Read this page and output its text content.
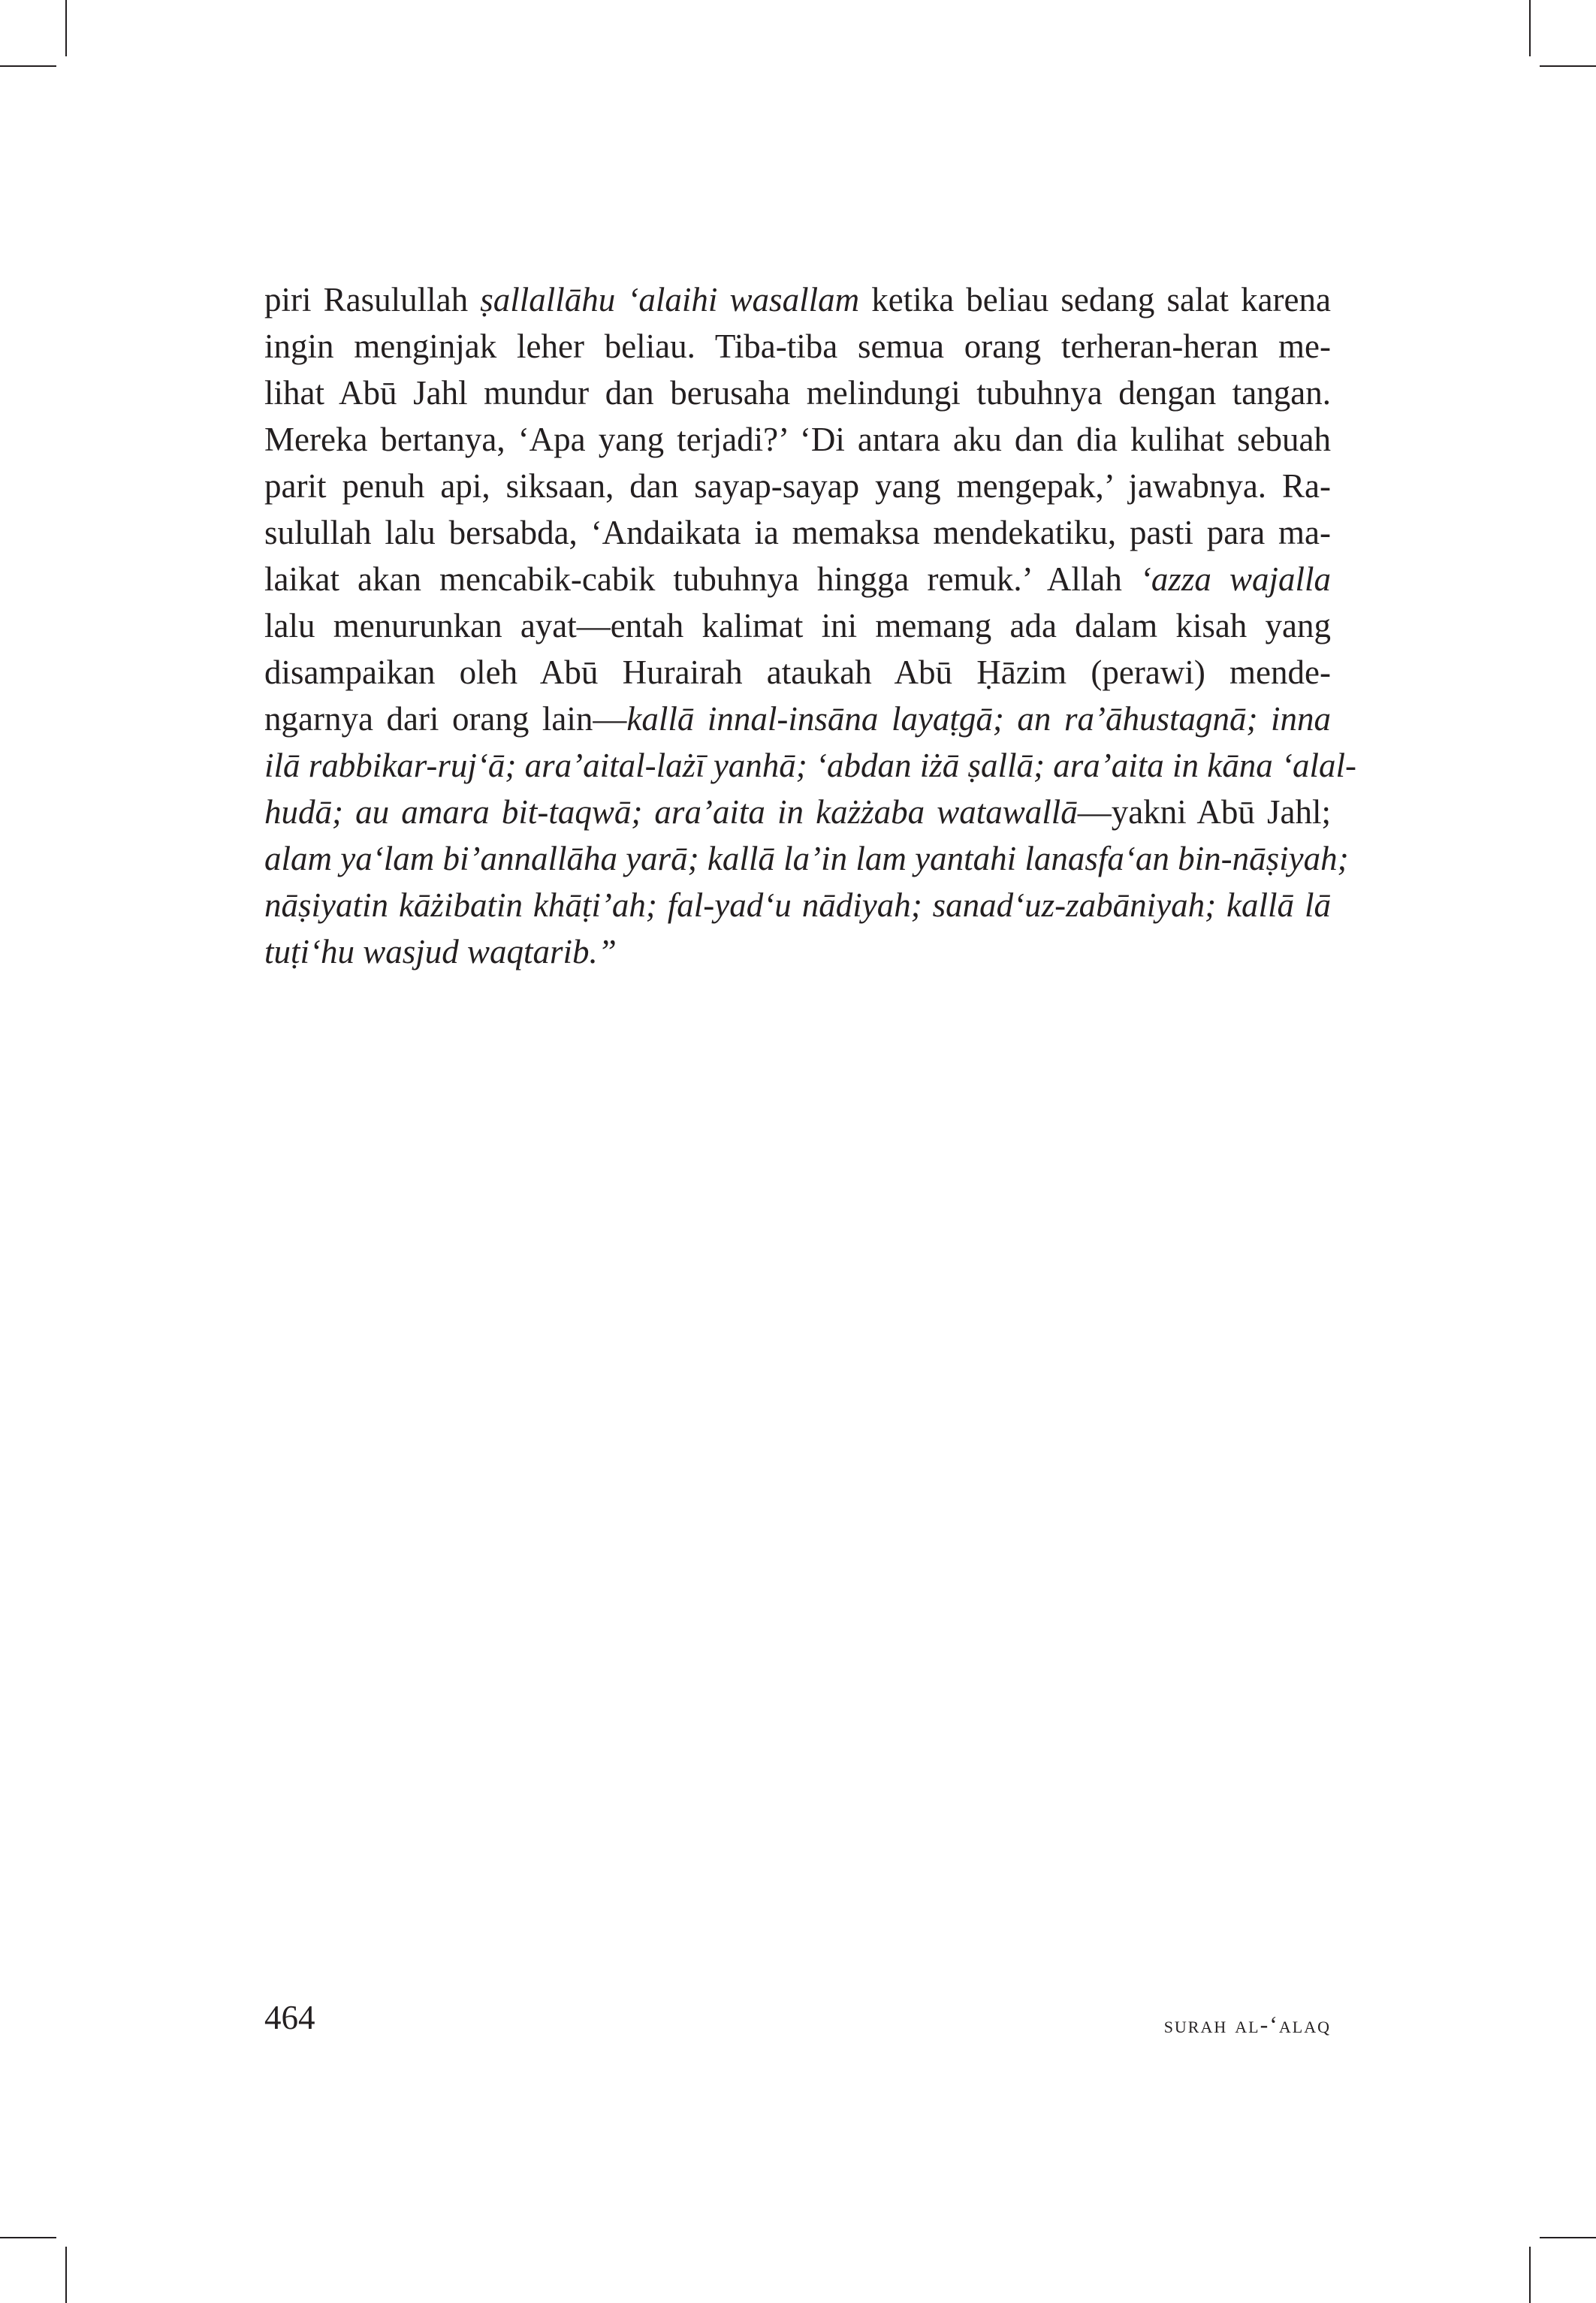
piri Rasulullah ṣallallāhu ‘alaihi wasallam ketika beliau sedang salat karena
ingin menginjak leher beliau. Tiba-tiba semua orang terheran-heran me-
lihat Abū Jahl mundur dan berusaha melindungi tubuhnya dengan tangan.
Mereka bertanya, ‘Apa yang terjadi?’ ‘Di antara aku dan dia kulihat sebuah
parit penuh api, siksaan, dan sayap-sayap yang mengepak,’ jawabnya. Ra-
sulullah lalu bersabda, ‘Andaikata ia memaksa mendekatiku, pasti para ma-
laikat akan mencabik-cabik tubuhnya hingga remuk.’ Allah ‘azza wajalla
lalu menurunkan ayat—entah kalimat ini memang ada dalam kisah yang
disampaikan oleh Abū Hurairah ataukah Abū Ḥāzim (perawi) mende-
ngarnya dari orang lain—kallā innal-insāna layaṭgā; an ra’āhustagnā; inna
ilā rabbikar-ruj‘ā; ara’aital-lażī yanhā; ‘abdan iżā ṣallā; ara’aita in kāna ‘alal-
hudā; au amara bit-taqwā; ara’aita in każżaba watawallā—yakni Abū Jahl;
alam ya‘lam bi’annallāha yarā; kallā la’in lam yantahi lanasfa‘an bin-nāṣiyah;
nāṣiyatin kāżibatin khāṭi’ah; fal-yad‘u nādiyah; sanad‘uz-zabāniyah; kallā lā
tuṭi‘hu wasjud waqtarib.”
464	surah al-‘alaq
